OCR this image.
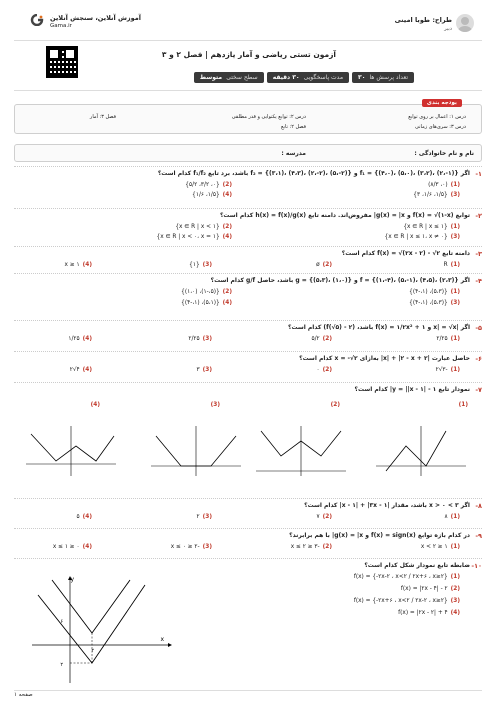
آموزش آنلاین، سنجش آنلاین
Gama.ir
طراح: طوبا امینی
دبیر
آزمون تستی ریاضی و آمار یازدهم | فصل ۲ و ۳
تعداد پرسش ها ۳۰
مدت پاسخگویی ۳۰ دقیقه
سطح سختی متوسط
بودجه بندی
درس ۱: اعمال بر روی توابع
درس ۲: توابع یکنوایی و قدر مطلقی
فصل ۳: آمار
درس ۳: سری‌های زمانی
فصل ۲: تابع
نام و نام خانوادگی :
مدرسه :
۱-
اگر f₁ = {(۴،۰)، (۵،۰)، (۳،۲)، (۲،-۱)} و f₂ = {(۳،۱)، (۴،۳)، (۲،-۲)، (۵،-۲)} باشد، برد تابع f₁/f₂ کدام است؟
(1)(۰، ۸/۳)
(2){۰، ۳/۲، ۵/۲}
(3){۱/۵، ۱/۶، ۳}
(4){۱/۵، ۱/۶}
۲-
توابع f(x) = √(۱-x) و g(x) = |x| مفروض‌اند. دامنه تابع h(x) = f(x)/g(x) کدام است؟
(1){x ∈ R | x ≤ ۱}
(2){x ∈ R | x < ۱}
(3){x ∈ R | x ≤ ۱، x ≠ ۰}
(4){x ∈ R | x < ۰، x = ۱}
۳-
دامنه تابع f(x) = √(۲x - ۲) - √۲ کدام است؟
(1)R
(2)ø
(3){۱}
(4)x ≥ ۱
۴-
اگر f = {(۱،-۴)، (۵،-۱)، (۴،۵)، (۲،۳)} و g = {(۵،۳)، (۱،۰)} باشد، حاصل g/f کدام است؟
(1){(۵،۳)، (۱،-۴)}
(2){(۵،-۱)، (۱،۰)}
(3){(۵،۳)، (۱،-۴)}
(4){(۵،۱)، (۱،-۴)}
۵-
اگر |x| = √x و f(x) = ۱/۲x² + ۱ باشد، (f(√۵) - ۲) کدام است؟
(1)۲/۲۵
(2)۵/۲
(3)۲/۲۵
(4)۱/۲۵
۶-
حاصل عبارت |۲ + x| + |۲ - x| به‌ازای x = -√۲ کدام است؟
(1)-۳√۲
(2)۰
(3)۳
(4)۴√۲
۷-
نمودار تابع y = ||x - ۱| - ۱| کدام است؟
(1)
(2)
(3)
(4)
۸-
اگر ۳ > x > ۰ باشد، مقدار |x - ۱| + |۳x - ۱| کدام است؟
(1)۸
(2)۷
(3)۲
(4)۵
۹-
در کدام بازه توابع f(x) = sign(x) و g(x) = |x| با هم برابرند؟
(1)۱ ≤ x < ۲
(2)-۳ ≤ x ≤ ۲
(3)-۲ ≤ x ≤ ۰
(4)۰ ≤ x ≤ ۱
۱۰-
ضابطه تابع نمودار شکل کدام است؟
(1)f(x) = {-۲x-۲ ، x<۲ / ۲x+۶ ، x≥۲}
(2)f(x) = |۲x - ۴| - ۲
(3)f(x) = {-۲x+۶ ، x<۲ / ۲x-۲ ، x≥۲}
(4)f(x) = |۲x - ۲| + ۴
y
x
۲
۶
۲
صفحه ۱
